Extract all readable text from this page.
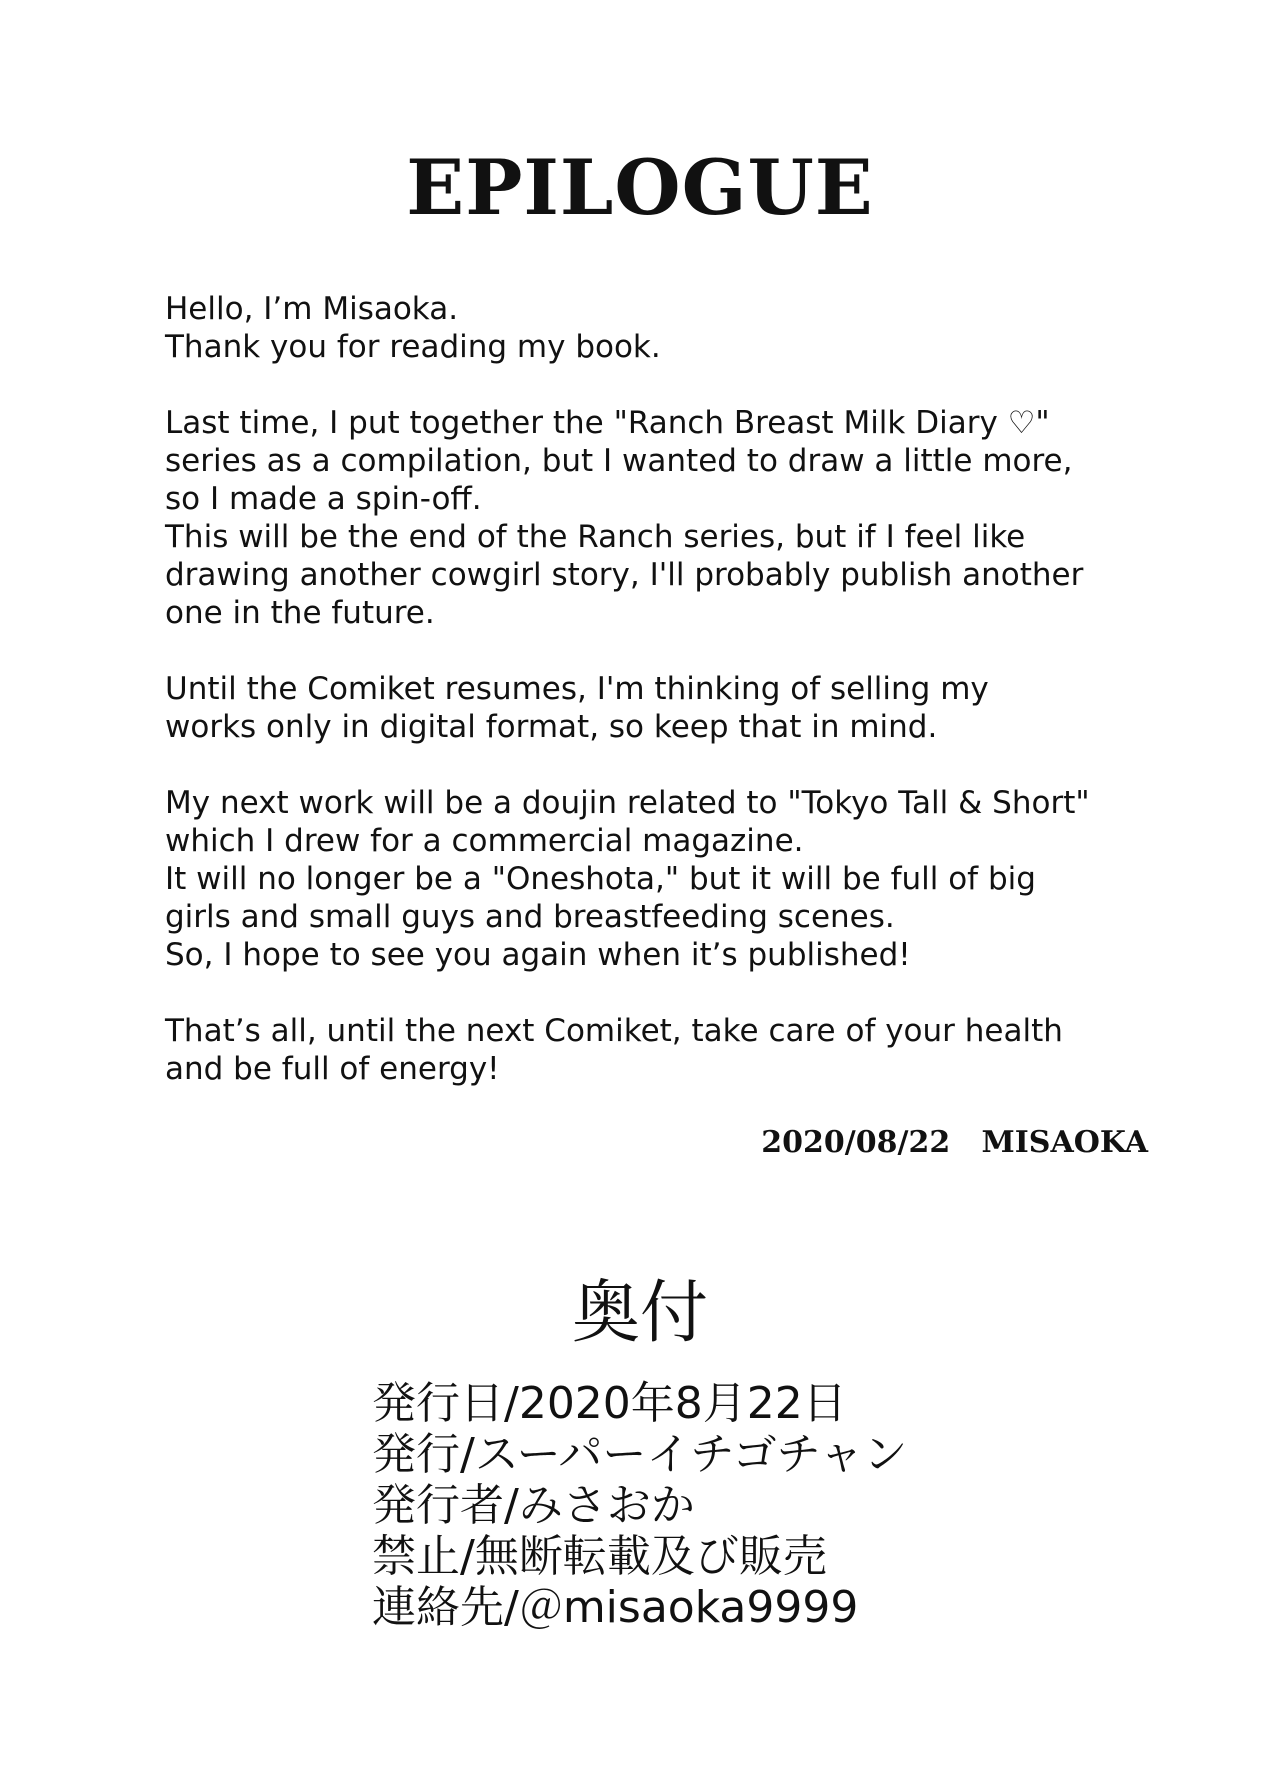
EPILOGUE

Hello, I’m Misaoka.
Thank you for reading my book.

Last time, I put together the "Ranch Breast Milk Diary ♡"
series as a compilation, but I wanted to draw a little more,
so I made a spin-off.
This will be the end of the Ranch series, but if I feel like
drawing another cowgirl story, I'll probably publish another
one in the future.

Until the Comiket resumes, I'm thinking of selling my
works only in digital format, so keep that in mind.

My next work will be a doujin related to "Tokyo Tall & Short"
which I drew for a commercial magazine.
It will no longer be a "Oneshota," but it will be full of big
girls and small guys and breastfeeding scenes.
So, I hope to see you again when it’s published!

That’s all, until the next Comiket, take care of your health
and be full of energy!

2020/08/22 MISAOKA
奥付
発行日/2020年8月22日
発行/スーパーイチゴチャン
発行者/みさおか
禁止/無断転載及び販売
連絡先/＠misaoka9999
